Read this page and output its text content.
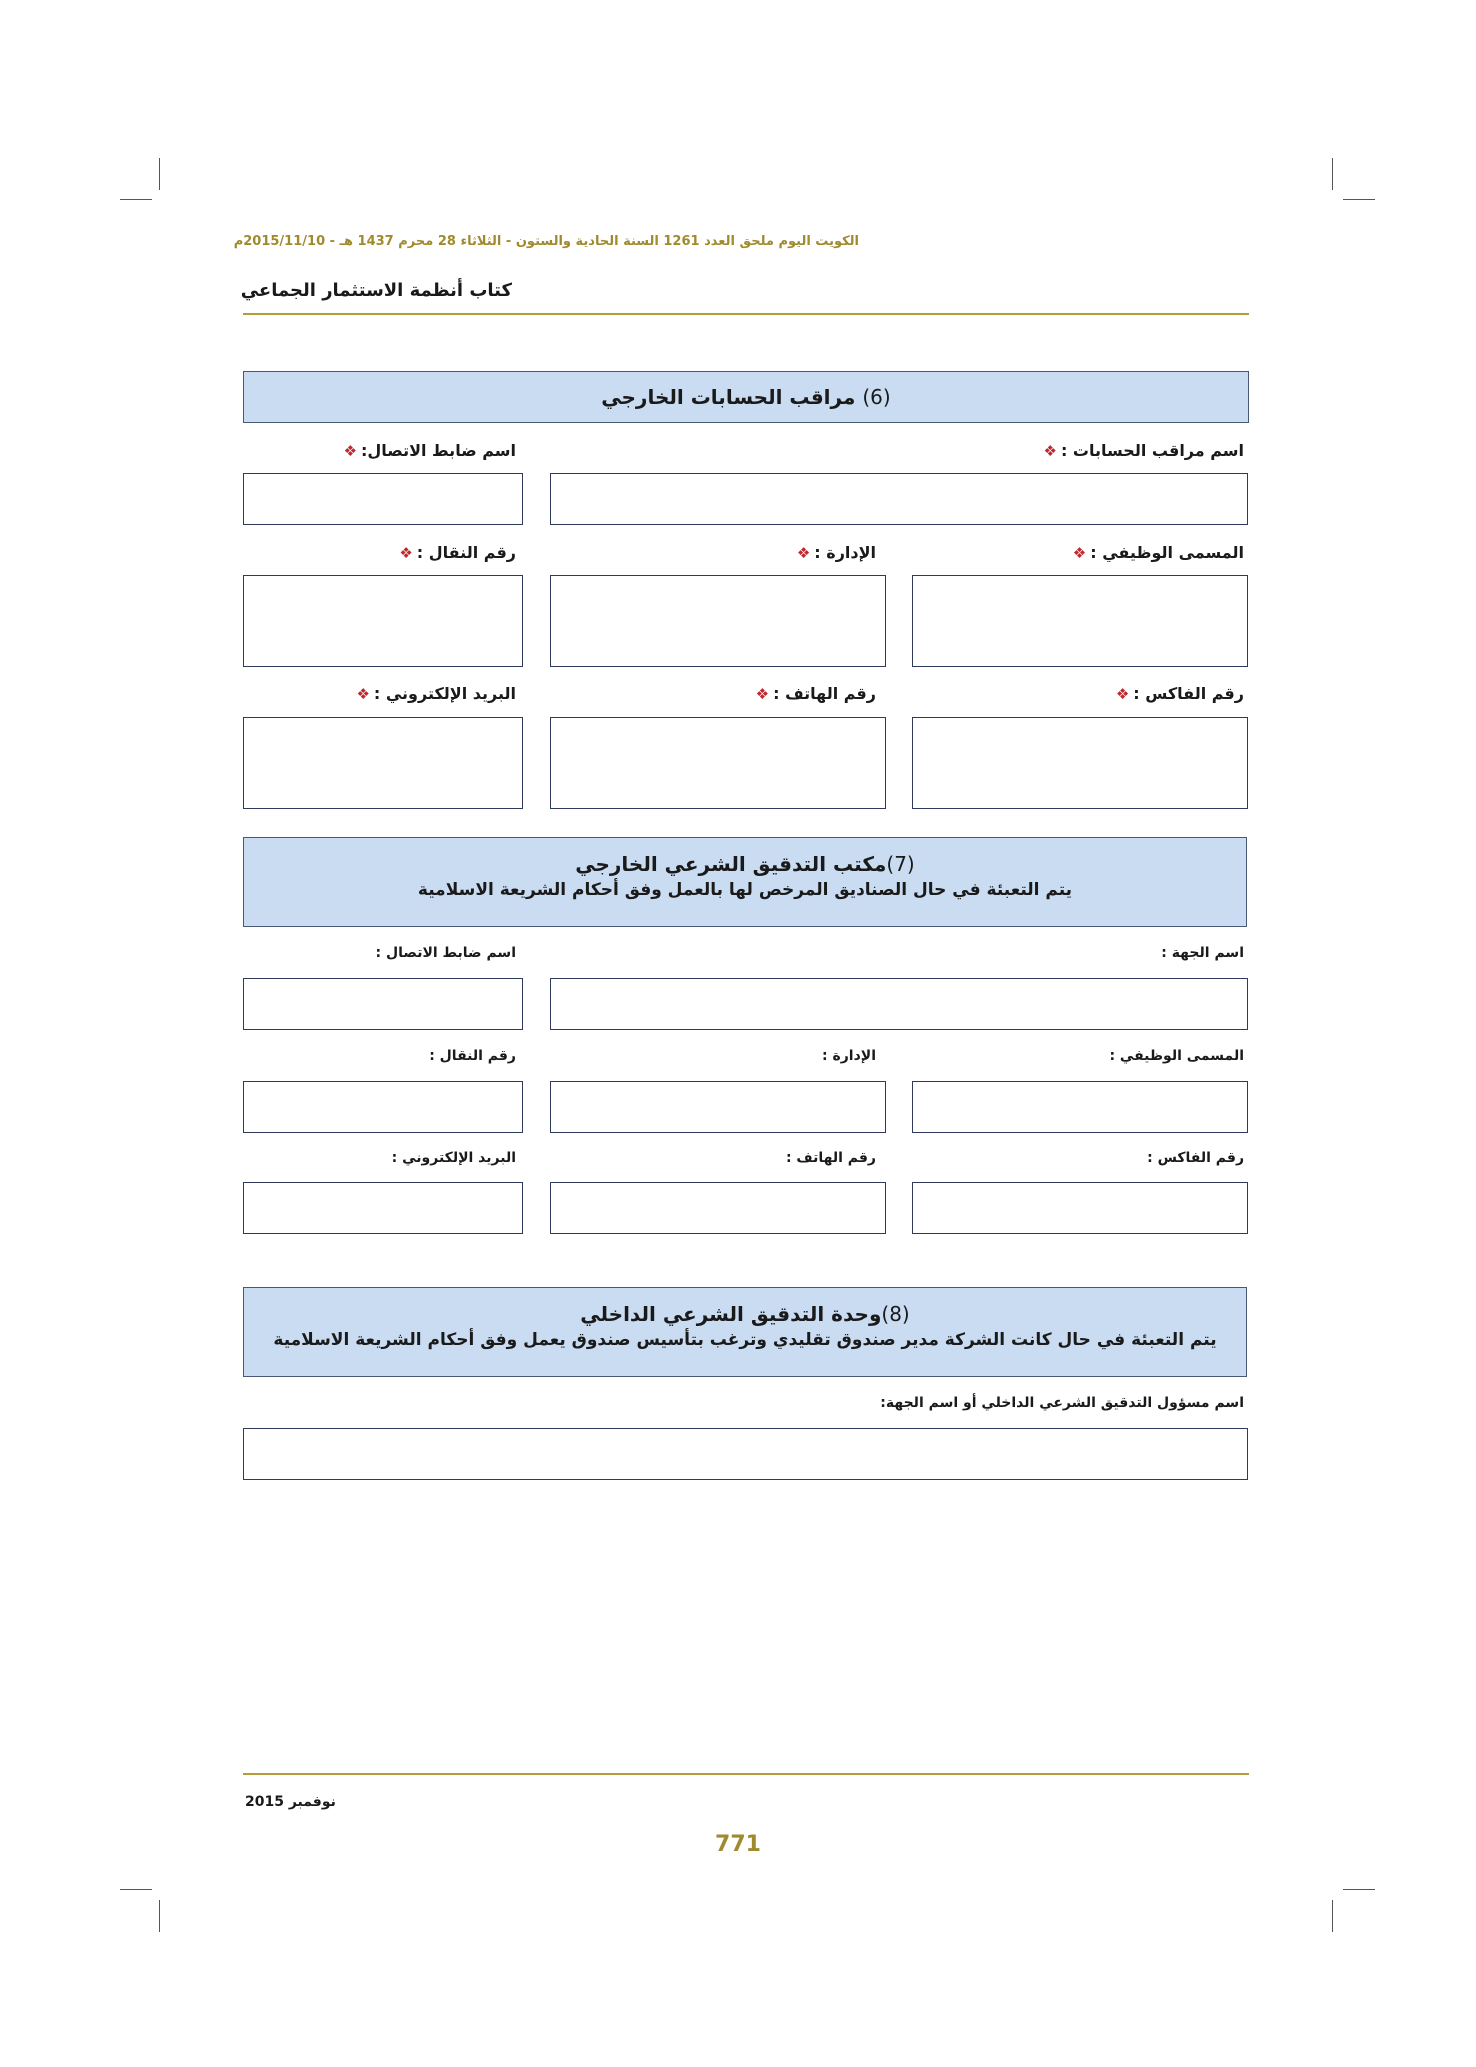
الكويت اليوم ملحق العدد 1261 السنة الحادية والستون - الثلاثاء 28 محرم 1437 هـ - 2015/11/10م
كتاب أنظمة الاستثمار الجماعي
(6) مراقب الحسابات الخارجي
اسم مراقب الحسابات :❖
اسم ضابط الاتصال:❖
المسمى الوظيفي :❖
الإدارة :❖
رقم النقال :❖
رقم الفاكس :❖
رقم الهاتف :❖
البريد الإلكتروني :❖
(7)مكتب التدقيق الشرعي الخارجي
يتم التعبئة في حال الصناديق المرخص لها بالعمل وفق أحكام الشريعة الاسلامية
اسم الجهة :
اسم ضابط الاتصال :
المسمى الوظيفي :
الإدارة :
رقم النقال :
رقم الفاكس :
رقم الهاتف :
البريد الإلكتروني :
(8)وحدة التدقيق الشرعي الداخلي
يتم التعبئة في حال كانت الشركة مدير صندوق تقليدي وترغب بتأسيس صندوق يعمل وفق أحكام الشريعة الاسلامية
اسم مسؤول التدقيق الشرعي الداخلي أو اسم الجهة:
نوفمبر 2015
771
